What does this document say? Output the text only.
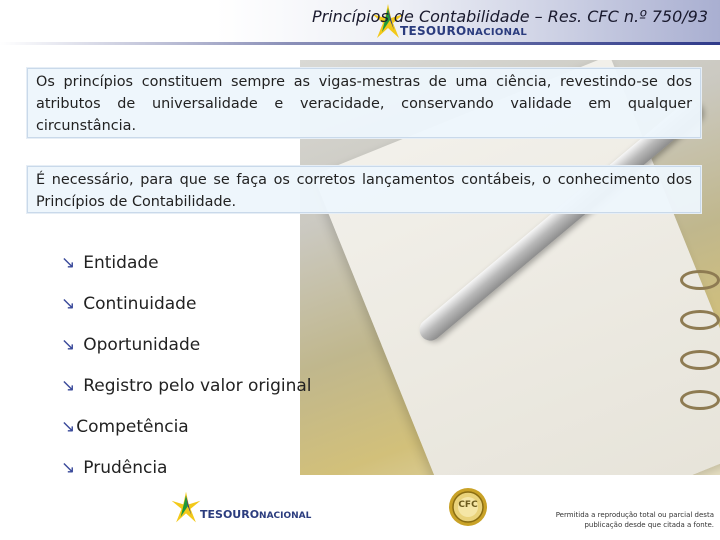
TESOURONACIONAL
Princípios de Contabilidade – Res. CFC n.º 750/93
Os princípios constituem sempre as vigas-mestras de uma ciência, revestindo-se dos atributos de universalidade e veracidade, conservando validade em qualquer circunstância.
É necessário, para que se faça os corretos lançamentos contábeis, o conhecimento dos Princípios de Contabilidade.
↘ Entidade
↘ Continuidade
↘ Oportunidade
↘ Registro pelo valor original
↘ Competência
↘ Prudência
TESOURONACIONAL
CFC
Permitida a reprodução total ou parcial desta
publicação desde que citada a fonte.
